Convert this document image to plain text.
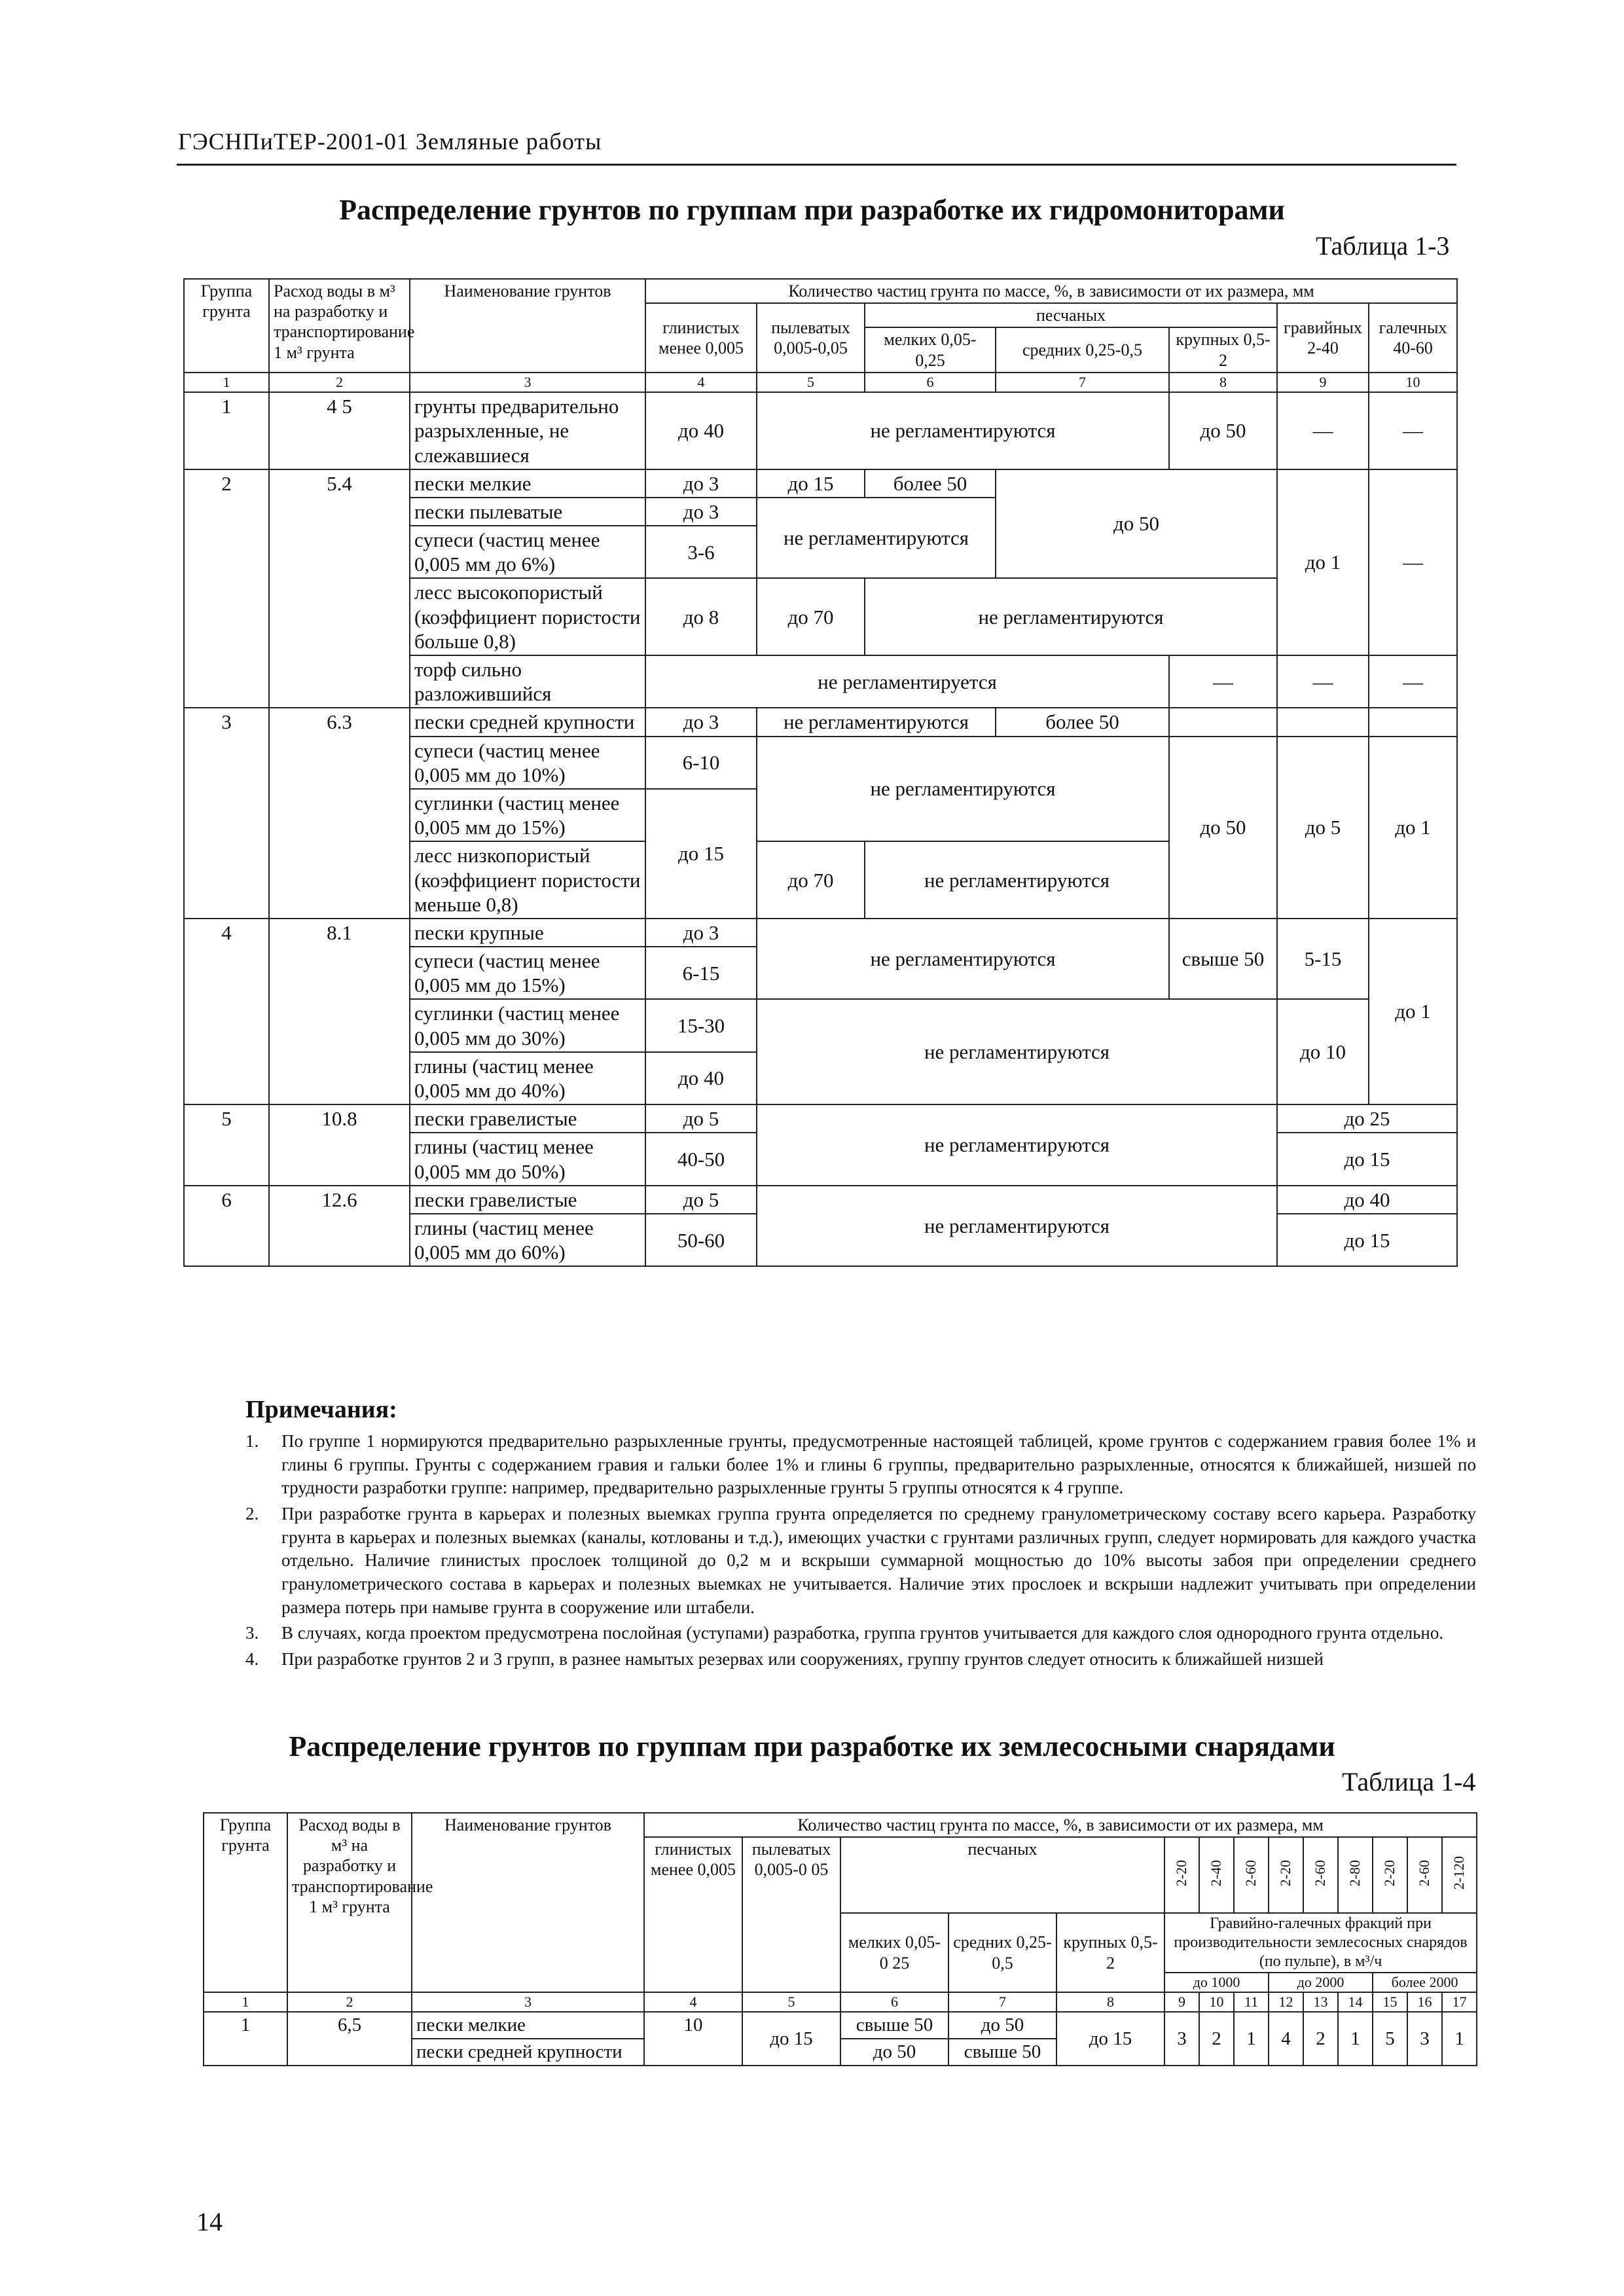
ГЭСНПиТЕР-2001-01 Земляные работы
Распределение грунтов по группам при разработке их гидромониторами
Таблица 1-3
Группа грунта	Расход воды в м³ на разработку и транспортирование 1 м³ грунта	Наименование грунтов	Количество частиц грунта по массе, %, в зависимости от их размера, мм						
			глинистых менее 0,005	пылеватых 0,005-0,05	песчаных			гравийных 2-40	галечных 40-60
					мелких 0,05-0,25	средних 0,25-0,5	крупных 0,5-2		
1	2	3	4	5	6	7	8	9	10
1	4 5	грунты предварительно разрыхленные, не слежавшиеся	до 40	не регламентируются			до 50	—	—
2	5.4	пески мелкие	до 3	до 15	более 50	до 50		до 1	—
		пески пылеватые	до 3	не регламентируются					
		супеси (частиц менее 0,005 мм до 6%)	3-6						
		лесс высокопористый (коэффициент пористости больше 0,8)	до 8	до 70	не регламентируются				
		торф сильно разложившийся	не регламентируется				—	—	—
3	6.3	пески средней крупности	до 3	не регламентируются		более 50			
		супеси (частиц менее 0,005 мм до 10%)	6-10	не регламентируются			до 50	до 5	до 1
		суглинки (частиц менее 0,005 мм до 15%)	до 15						
		лесс низкопористый (коэффициент пористости меньше 0,8)		до 70	не регламентируются				
4	8.1	пески крупные	до 3	не регламентируются			свыше 50	5-15	до 1
		супеси (частиц менее 0,005 мм до 15%)	6-15						
		суглинки (частиц менее 0,005 мм до 30%)	15-30	не регламентируются				до 10	
		глины (частиц менее 0,005 мм до 40%)	до 40						
5	10.8	пески гравелистые	до 5	не регламентируются				до 25	
		глины (частиц менее 0,005 мм до 50%)	40-50					до 15	
6	12.6	пески гравелистые	до 5	не регламентируются				до 40	
		глины (частиц менее 0,005 мм до 60%)	50-60					до 15	
Примечания:
1. По группе 1 нормируются предварительно разрыхленные грунты, предусмотренные настоящей таблицей, кроме грунтов с содержанием гравия более 1% и глины 6 группы. Грунты с содержанием гравия и гальки более 1% и глины 6 группы, предварительно разрыхленные, относятся к ближайшей, низшей по трудности разработки группе: например, предварительно разрыхленные грунты 5 группы относятся к 4 группе.
2. При разработке грунта в карьерах и полезных выемках группа грунта определяется по среднему гранулометрическому составу всего карьера. Разработку грунта в карьерах и полезных выемках (каналы, котлованы и т.д.), имеющих участки с грунтами различных групп, следует нормировать для каждого участка отдельно. Наличие глинистых прослоек толщиной до 0,2 м и вскрыши суммарной мощностью до 10% высоты забоя при определении среднего гранулометрического состава в карьерах и полезных выемках не учитывается. Наличие этих прослоек и вскрыши надлежит учитывать при определении размера потерь при намыве грунта в сооружение или штабели.
3. В случаях, когда проектом предусмотрена послойная (уступами) разработка, группа грунтов учитывается для каждого слоя однородного грунта отдельно.
4. При разработке грунтов 2 и 3 групп, в разнее намытых резервах или сооружениях, группу грунтов следует относить к ближайшей низшей
Распределение грунтов по группам при разработке их землесосными снарядами
Таблица 1-4
Группа грунта	Расход воды в м³ на разработку и транспортирование 1 м³ грунта	Наименование грунтов	Количество частиц грунта по массе, %, в зависимости от их размера, мм													
			глинистых менее 0,005	пылеватых 0,005-0 05	песчаных			2-20	2-40	2-60	2-20	2-60	2-80	2-20	2-60	2-120
					мелких 0,05-0 25	средних 0,25-0,5	крупных 0,5-2	Гравийно-галечных фракций при производительности землесосных снарядов (по пульпе), в м³/ч								
								до 1000			до 2000			более 2000		
1	2	3	4	5	6	7	8	9	10	11	12	13	14	15	16	17
1	6,5	пески мелкие	10	до 15	свыше 50	до 50	до 15	3	2	1	4	2	1	5	3	1
		пески средней крупности			до 50	свыше 50										
14
